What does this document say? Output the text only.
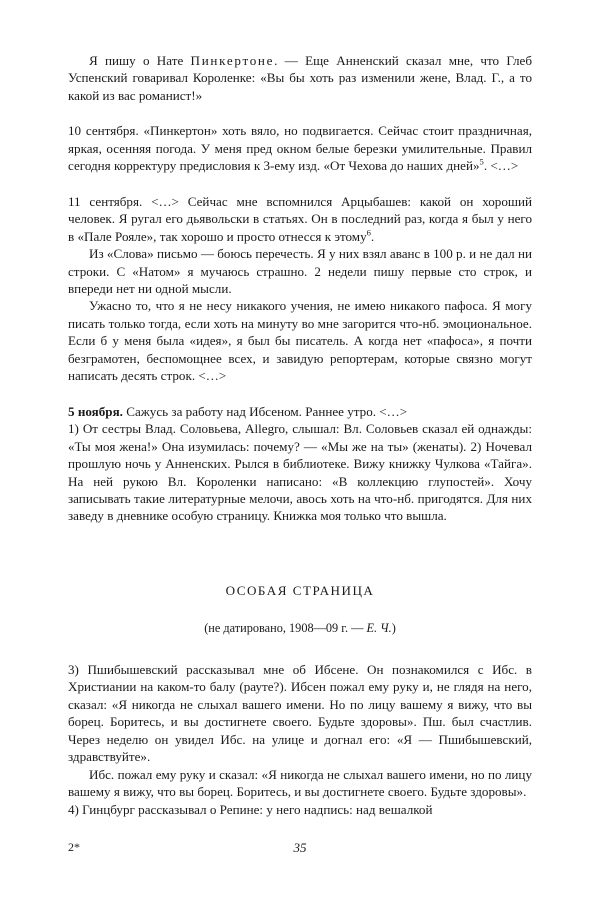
Я пишу о Нате Пинкертоне. — Еще Анненский сказал мне, что Глеб Успенский говаривал Короленке: «Вы бы хоть раз изменили жене, Влад. Г., а то какой из вас романист!»

10 сентября. «Пинкертон» хоть вяло, но подвигается. Сейчас стоит праздничная, яркая, осенняя погода. У меня пред окном белые березки умилительные. Правил сегодня корректуру предисловия к 3-ему изд. «От Чехова до наших дней»$^5$. <…>

11 сентября. <…> Сейчас мне вспомнился Арцыбашев: какой он хороший человек. Я ругал его дьявольски в статьях. Он в последний раз, когда я был у него в «Пале Рояле», так хорошо и просто отнесся к этому$^6$.

Из «Слова» письмо — боюсь перечесть. Я у них взял аванс в 100 р. и не дал ни строки. С «Натом» я мучаюсь страшно. 2 недели пишу первые сто строк, и впереди нет ни одной мысли.

Ужасно то, что я не несу никакого учения, не имею никакого пафоса. Я могу писать только тогда, если хоть на минуту во мне загорится что-нб. эмоциональное. Если б у меня была «идея», я был бы писатель. А когда нет «пафоса», я почти безграмотен, беспомощнее всех, и завидую репортерам, которые связно могут написать десять строк. <…>

5 ноября. Сажусь за работу над Ибсеном. Раннее утро. <…>

1) От сестры Влад. Соловьева, Allegro, слышал: Вл. Соловьев сказал ей однажды: «Ты моя жена!» Она изумилась: почему? — «Мы же на ты» (женаты). 2) Ночевал прошлую ночь у Анненских. Рылся в библиотеке. Вижу книжку Чулкова «Тайга». На ней рукою Вл. Короленки написано: «В коллекцию глупостей». Хочу записывать такие литературные мелочи, авось хоть на что-нб. пригодятся. Для них заведу в дневнике особую страницу. Книжка моя только что вышла.

ОСОБАЯ СТРАНИЦА

(не датировано, 1908—09 г. — Е. Ч.)

3) Пшибышевский рассказывал мне об Ибсене. Он познакомился с Ибс. в Христиании на каком-то балу (рауте?). Ибсен пожал ему руку и, не глядя на него, сказал: «Я никогда не слыхал вашего имени. Но по лицу вашему я вижу, что вы борец. Боритесь, и вы достигнете своего. Будьте здоровы». Пш. был счастлив. Через неделю он увидел Ибс. на улице и догнал его: «Я — Пшибышевский, здравствуйте».

Ибс. пожал ему руку и сказал: «Я никогда не слыхал вашего имени, но по лицу вашему я вижу, что вы борец. Боритесь, и вы достигнете своего. Будьте здоровы».

4) Гинцбург рассказывал о Репине: у него надпись: над вешалкой

2*	35
